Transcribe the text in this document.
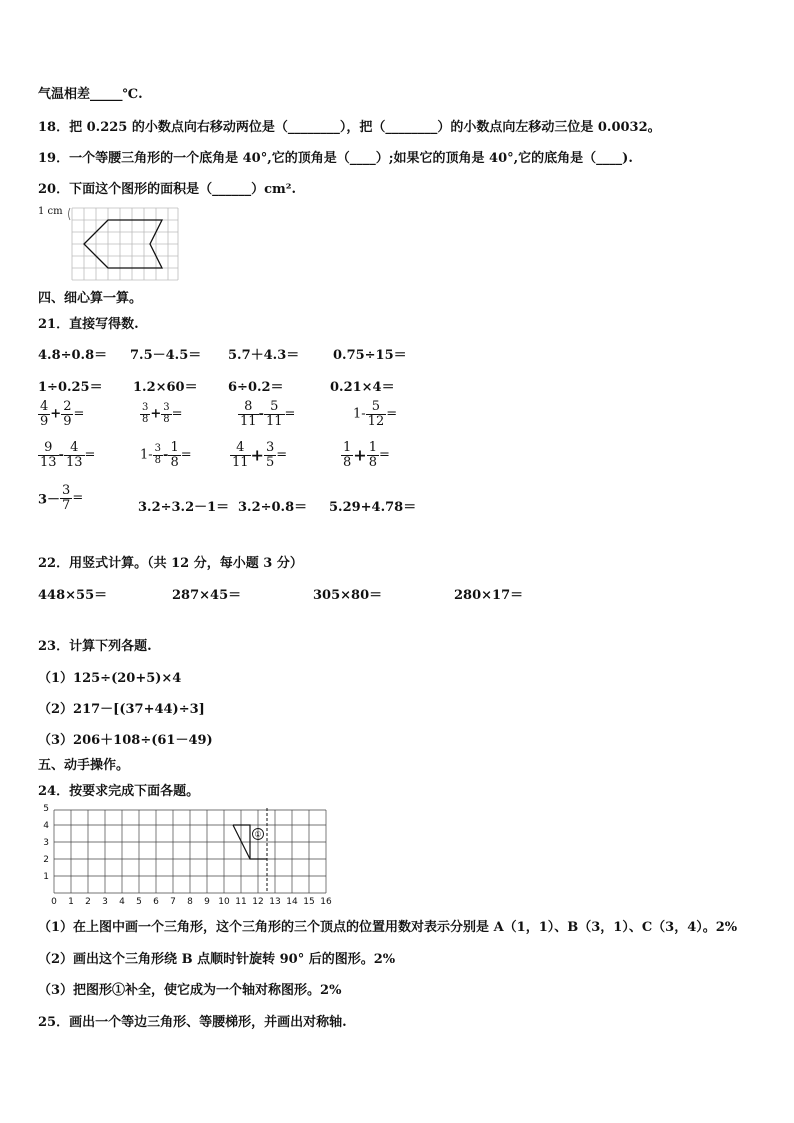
气温相差_____℃.
18．把 0.225 的小数点向右移动两位是（________），把（________）的小数点向左移动三位是 0.0032。
19．一个等腰三角形的一个底角是 40°,它的顶角是（____）;如果它的顶角是 40°,它的底角是（____).
20．下面这个图形的面积是（______）cm².
1 cm
四、细心算一算。
21．直接写得数.
4.8÷0.8＝ 7.5－4.5＝ 5.7＋4.3＝	0.75÷15＝
1÷0.25＝ 1.2×60＝ 6÷0.2＝	0.21×4＝
$\frac{4}{9} + \frac{2}{9}$ =	$\frac{3}{8} + \frac{3}{8}$ =	$\frac{8}{11} - \frac{5}{11}$ =	$1- \frac{5}{12}$ =
$\frac{9}{13} - \frac{4}{13}$ =	$1- \frac{3}{8} - \frac{1}{8}$ =	$\frac{4}{11} + \frac{3}{5}$ =	$\frac{1}{8} + \frac{1}{8}$ =
$3- \frac{3}{7}$ =
3.2÷3.2－1＝ 3.2÷0.8＝ 5.29+4.78＝
22．用竖式计算。（共 12 分，每小题 3 分）
448×55＝	287×45＝	305×80＝	280×17＝
23．计算下列各题.
（1）125÷(20+5)×4
（2）217－[(37+44)÷3]
（3）206＋108÷(61－49)
五、动手操作。
24．按要求完成下面各题。
0 1 2 3 4 5 6 7 8 9 10 11 12 13 14 15 16
1
2
3
4
5
①
（1）在上图中画一个三角形，这个三角形的三个顶点的位置用数对表示分别是 A（1，1）、B（3，1）、C（3，4）。2%
（2）画出这个三角形绕 B 点顺时针旋转 90° 后的图形。2%
（3）把图形①补全，使它成为一个轴对称图形。2%
25．画出一个等边三角形、等腰梯形，并画出对称轴.
